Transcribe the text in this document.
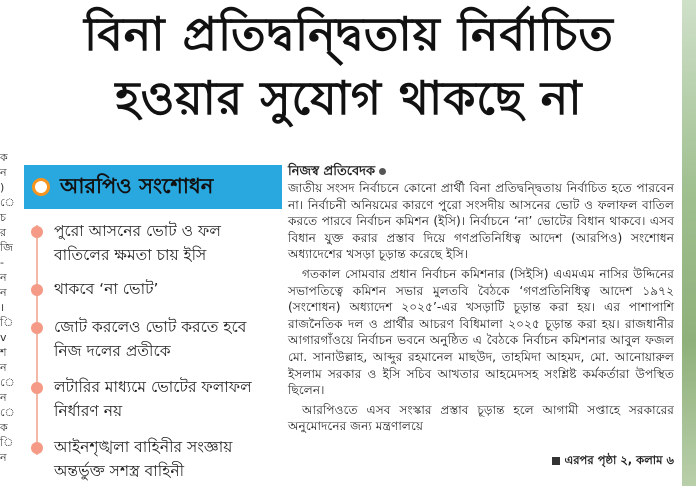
ক
ন
)
ে
চ
র
জি
-
ন
ন
।
ি
v
শ
ন
ে
ন
ে
ক
ি
ন
বিনা প্রতিদ্বন্দ্বিতায় নির্বাচিত
হওয়ার সুযোগ থাকছে না
আরপিও সংশোধন
পুরো আসনের ভোট ও ফল বাতিলের ক্ষমতা চায় ইসি
থাকবে ‘না ভোট’
জোট করলেও ভোট করতে হবে নিজ দলের প্রতীকে
লটারির মাধ্যমে ভোটের ফলাফল নির্ধারণ নয়
আইনশৃঙ্খলা বাহিনীর সংজ্ঞায় অন্তর্ভুক্ত সশস্ত্র বাহিনী
নিজস্ব প্রতিবেদক

জাতীয় সংসদ নির্বাচনে কোনো প্রার্থী বিনা প্রতিদ্বন্দ্বিতায় নির্বাচিত হতে পারবেন না। নির্বাচনী অনিয়মের কারণে পুরো সংসদীয় আসনের ভোট ও ফলাফল বাতিল করতে পারবে নির্বাচন কমিশন (ইসি)। নির্বাচনে ‘না’ ভোটের বিধান থাকবে। এসব বিধান যুক্ত করার প্রস্তাব দিয়ে গণপ্রতিনিধিত্ব আদেশ (আরপিও) সংশোধন অধ্যাদেশের খসড়া চূড়ান্ত করেছে ইসি।

গতকাল সোমবার প্রধান নির্বাচন কমিশনার (সিইসি) এএমএম নাসির উদ্দিনের সভাপতিত্বে কমিশন সভার মুলতবি বৈঠকে ‘গণপ্রতিনিধিত্ব আদেশ ১৯৭২ (সংশোধন) অধ্যাদেশ ২০২৫’-এর খসড়াটি চূড়ান্ত করা হয়। এর পাশাপাশি রাজনৈতিক দল ও প্রার্থীর আচরণ বিধিমালা ২০২৫ চূড়ান্ত করা হয়। রাজধানীর আগারগাঁওয়ে নির্বাচন ভবনে অনুষ্ঠিত এ বৈঠকে নির্বাচন কমিশনার আবুল ফজল মো. সানাউল্লাহ, আব্দুর রহমানেল মাছউদ, তাহমিদা আহমদ, মো. আনোয়ারুল ইসলাম সরকার ও ইসি সচিব আখতার আহমেদসহ সংশ্লিষ্ট কর্মকর্তারা উপস্থিত ছিলেন।

আরপিওতে এসব সংস্কার প্রস্তাব চূড়ান্ত হলে আগামী সপ্তাহে সরকারের অনুমোদনের জন্য মন্ত্রণালয়ে

এরপর পৃষ্ঠা ২, কলাম ৬
